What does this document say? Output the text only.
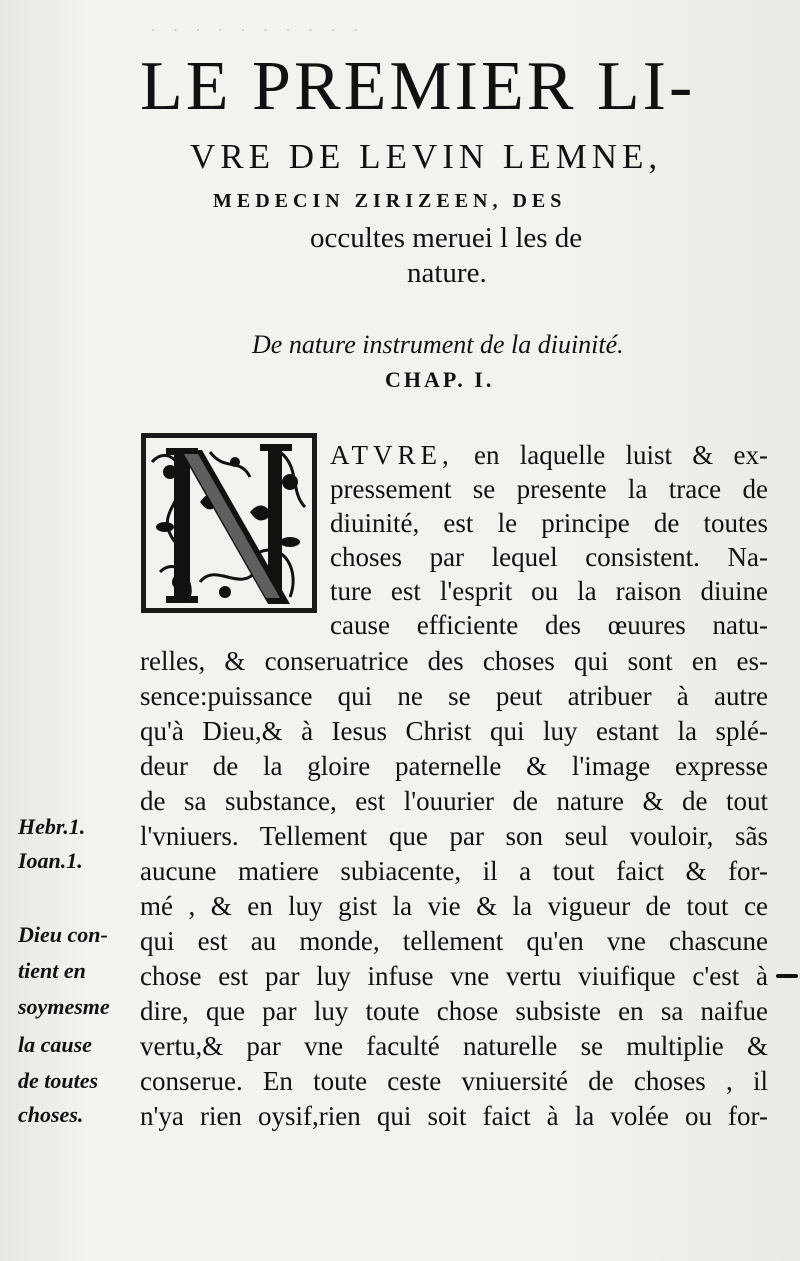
· · · · · · · · · ·
LE PREMIER LI-
VRE DE LEVIN LEMNE,
MEDECIN ZIRIZEEN, DES
occultes meruei l les de
nature.
De nature instrument de la diuinité.
CHAP. I.
ATVRE, en laquelle luist & ex-
pressement se presente la trace de
diuinité, est le principe de toutes
choses par lequel consistent. Na-
ture est l'esprit ou la raison diuine
cause efficiente des œuures natu-
relles, & conseruatrice des choses qui sont en es-
sence:puissance qui ne se peut atribuer à autre
qu'à Dieu,& à Iesus Christ qui luy estant la splé-
deur de la gloire paternelle & l'image expresse
de sa substance, est l'ouurier de nature & de tout
l'vniuers. Tellement que par son seul vouloir, sãs
aucune matiere subiacente, il a tout faict & for-
mé , & en luy gist la vie & la vigueur de tout ce
qui est au monde, tellement qu'en vne chascune
chose est par luy infuse vne vertu viuifique c'est à
dire, que par luy toute chose subsiste en sa naifue
vertu,& par vne faculté naturelle se multiplie &
conserue. En toute ceste vniuersité de choses , il
n'ya rien oysif,rien qui soit faict à la volée ou for-
Hebr.1.
Ioan.1.
Dieu con-
tient en
soymesme
la cause
de toutes
choses.
